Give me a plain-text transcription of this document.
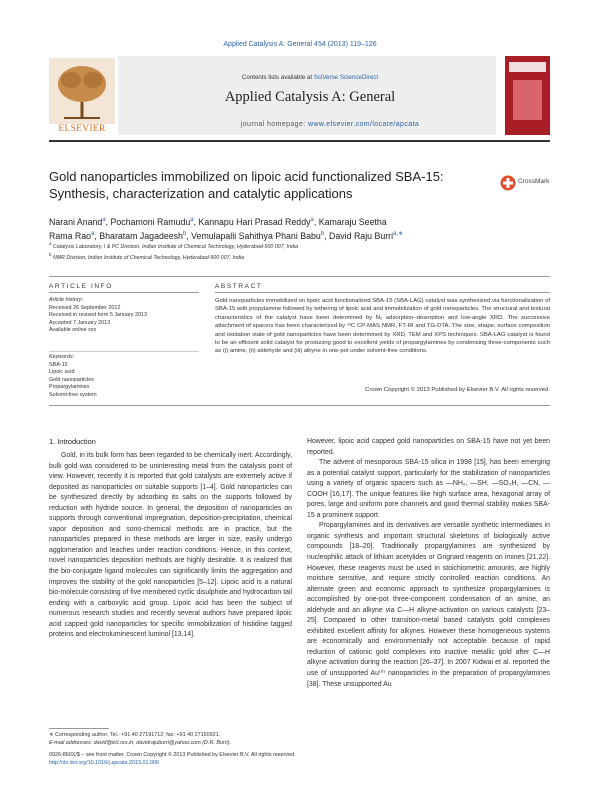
Applied Catalysis A: General 454 (2013) 119–126
ELSEVIER
Contents lists available at SciVerse ScienceDirect
Applied Catalysis A: General
journal homepage: www.elsevier.com/locate/apcata
Gold nanoparticles immobilized on lipoic acid functionalized SBA-15: Synthesis, characterization and catalytic applications
CrossMark
Narani Anand$^a$, Pochamoni Ramudu$^a$, Kannapu Hari Prasad Reddy$^a$, Kamaraju Seetha
Rama Rao$^a$, Bharatam Jagadeesh$^b$, Vemulapalli Sahithya Phani Babu$^b$, David Raju Burri$^{a,∗}$
$^a$ Catalysis Laboratory, I & PC Division, Indian Institute of Chemical Technology, Hyderabad-500 007, India
$^b$ NMR Division, Indian Institute of Chemical Technology, Hyderabad-500 007, India
ARTICLE INFO	ABSTRACT
Article history:
Received 26 September 2012
Received in revised form 5 January 2013
Accepted 7 January 2013
Available online xxx
Keywords:
SBA-15
Lipoic acid
Gold nanoparticles
Propargylamines
Solvent-free system
Gold nanoparticles immobilized on lipoic acid functionalized SBA-15 (SBA-LAG) catalyst was synthesized via functionalization of SBA-15 with propylamine followed by tethering of lipoic acid and immobilization of gold nanoparticles. The structural and textural characteristics of the catalyst have been determined by N₂ adsorption–desorption and low-angle XRD. The successive attachment of spacers has been characterized by ¹³C CP-MAS NMR, FT-IR and TG-DTA. The size, shape, surface composition and oxidation state of gold nanoparticles have been determined by XRD, TEM and XPS techniques. SBA-LAG catalyst is found to be an efficient solid catalyst for producing good to excellent yields of propargylamines by condensing three-components such as (i) amine, (ii) aldehyde and (iii) alkyne in one-pot under solvent-free conditions.
Crown Copyright © 2013 Published by Elsevier B.V. All rights reserved.
1. Introduction

Gold, in its bulk form has been regarded to be chemically inert. Accordingly, bulk gold was considered to be uninteresting metal from the catalysis point of view. However, recently it is reported that gold catalysts are extremely active if deposited as nanoparticles on suitable supports [1–4]. Gold nanoparticles can be synthesized directly by adsorbing its salts on the supports followed by reduction with hydride source. In general, the deposition of nanoparticles on supports through conventional impregnation, deposition-precipitation, chemical vapor deposition and sono-chemical methods are in practice, but the nanoparticles prepared in these methods are larger in size, easily undergo agglomeration and leaches under reaction conditions. Hence, in this context, novel nanoparticles deposition methods are highly desirable. It is realized that the bio-conjugate ligand molecules can significantly limits the aggregation and improves the stability of the gold nanoparticles [5–12]. Lipoic acid is a natural bio-molecule consisting of five membered cyclic disulphide and hydrocarbon tail ending with a carboxylic acid group. Lipoic acid has been the subject of numerous research studies and recently several authors have prepared lipoic acid capped gold nanoparticles for specific immobilization of histidine tagged proteins and electroluminescent luminol [13,14].

However, lipoic acid capped gold nanoparticles on SBA-15 have not yet been reported.

The advent of mesoporous SBA-15 silica in 1998 [15], has been emerging as a potential catalyst support, particularly for the stabilization of nanoparticles using a variety of organic spacers such as —NH₂, —SH, —SO₃H, —CN, —COOH [16,17]. The unique features like high surface area, hexagonal array of pores, large and uniform pore channels and good thermal stability makes SBA-15 a prominent support.

Propargylamines and its derivatives are versatile synthetic intermediates in organic synthesis and important structural skeletons of biologically active compounds [18–20]. Traditionally propargylamines are synthesized by nucleophilic attack of lithium acetylides or Grignard reagents on imines [21,22]. However, these reagents must be used in stoichiometric amounts, are highly moisture sensitive, and require strictly controlled reaction conditions. An alternate green and economic approach to synthesize propargylamines is accomplished by one-pot three-component condensation of an amine, an aldehyde and an alkyne via C—H alkyne-activation on various catalysts [23–25]. Compared to other transition-metal based catalysts gold complexes exhibited excellent affinity for alkynes. However these homogeneous systems are economically and environmentally not acceptable because of rapid reduction of cationic gold complexes into inactive metallic gold after C—H alkyne activation during the reaction [26–37]. In 2007 Kidwai et al. reported the use of unsupported Au⁽⁰⁾ nanoparticles in the preparation of propargylamines [38]. These unsupported Au

∗ Corresponding author. Tel.: +91 40 27191712; fax: +91 40 27160921.
E-mail addresses: david@iict.res.in, davidrajuburri@yahoo.com (D.R. Burri).
0926-860X/$ – see front matter. Crown Copyright © 2013 Published by Elsevier B.V. All rights reserved.
http://dx.doi.org/10.1016/j.apcata.2013.01.006
